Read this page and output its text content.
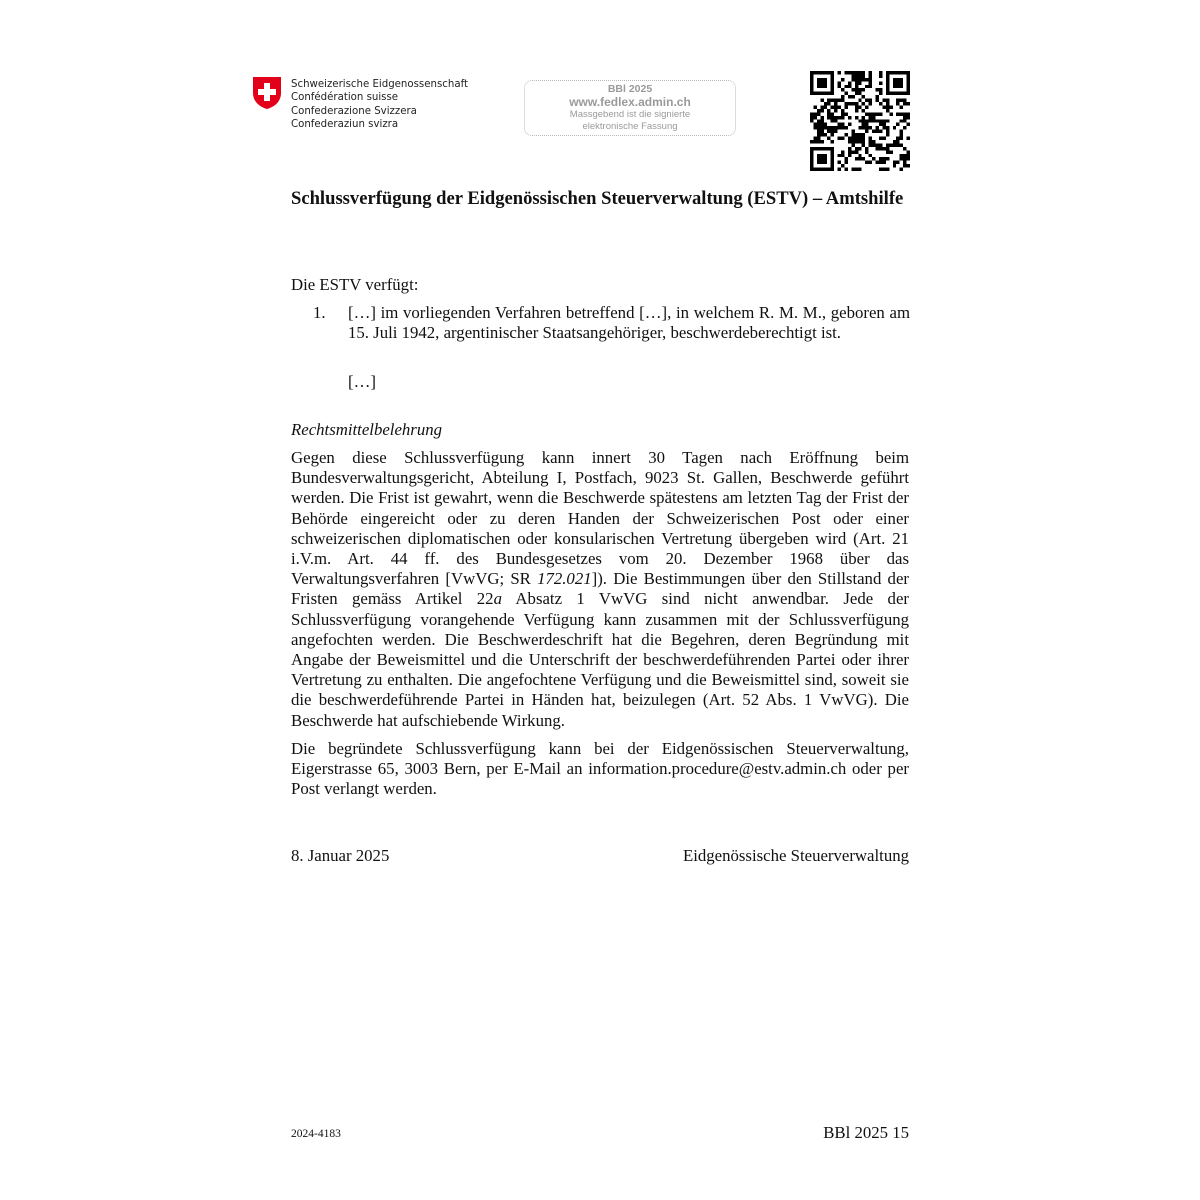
Schweizerische Eidgenossenschaft
Confédération suisse
Confederazione Svizzera
Confederaziun svizra
BBl 2025
www.fedlex.admin.ch
Massgebend ist die signierte
elektronische Fassung
Schlussverfügung der Eidgenössischen Steuerverwaltung (ESTV) – Amtshilfe
Die ESTV verfügt:
1. […] im vorliegenden Verfahren betreffend […], in welchem R. M. M., geboren am 15. Juli 1942, argentinischer Staatsangehöriger, beschwerdeberechtigt ist.
[…]
Rechtsmittelbelehrung

Gegen diese Schlussverfügung kann innert 30 Tagen nach Eröffnung beim Bundesverwaltungsgericht, Abteilung I, Postfach, 9023 St. Gallen, Beschwerde geführt werden. Die Frist ist gewahrt, wenn die Beschwerde spätestens am letzten Tag der Frist der Behörde eingereicht oder zu deren Handen der Schweizerischen Post oder einer schweizerischen diplomatischen oder konsularischen Vertretung übergeben wird (Art. 21 i.V.m. Art. 44 ff. des Bundesgesetzes vom 20. Dezember 1968 über das Verwaltungsverfahren [VwVG; SR 172.021]). Die Bestimmungen über den Stillstand der Fristen gemäss Artikel 22a Absatz 1 VwVG sind nicht anwendbar. Jede der Schlussverfügung vorangehende Verfügung kann zusammen mit der Schlussverfügung angefochten werden. Die Beschwerdeschrift hat die Begehren, deren Begründung mit Angabe der Beweismittel und die Unterschrift der beschwerdeführenden Partei oder ihrer Vertretung zu enthalten. Die angefochtene Verfügung und die Beweismittel sind, soweit sie die beschwerdeführende Partei in Händen hat, beizulegen (Art. 52 Abs. 1 VwVG). Die Beschwerde hat aufschiebende Wirkung.

Die begründete Schlussverfügung kann bei der Eidgenössischen Steuerverwaltung, Eigerstrasse 65, 3003 Bern, per E-Mail an information.procedure@estv.admin.ch oder per Post verlangt werden.

8. Januar 2025	Eidgenössische Steuerverwaltung
2024-4183	BBl 2025 15
